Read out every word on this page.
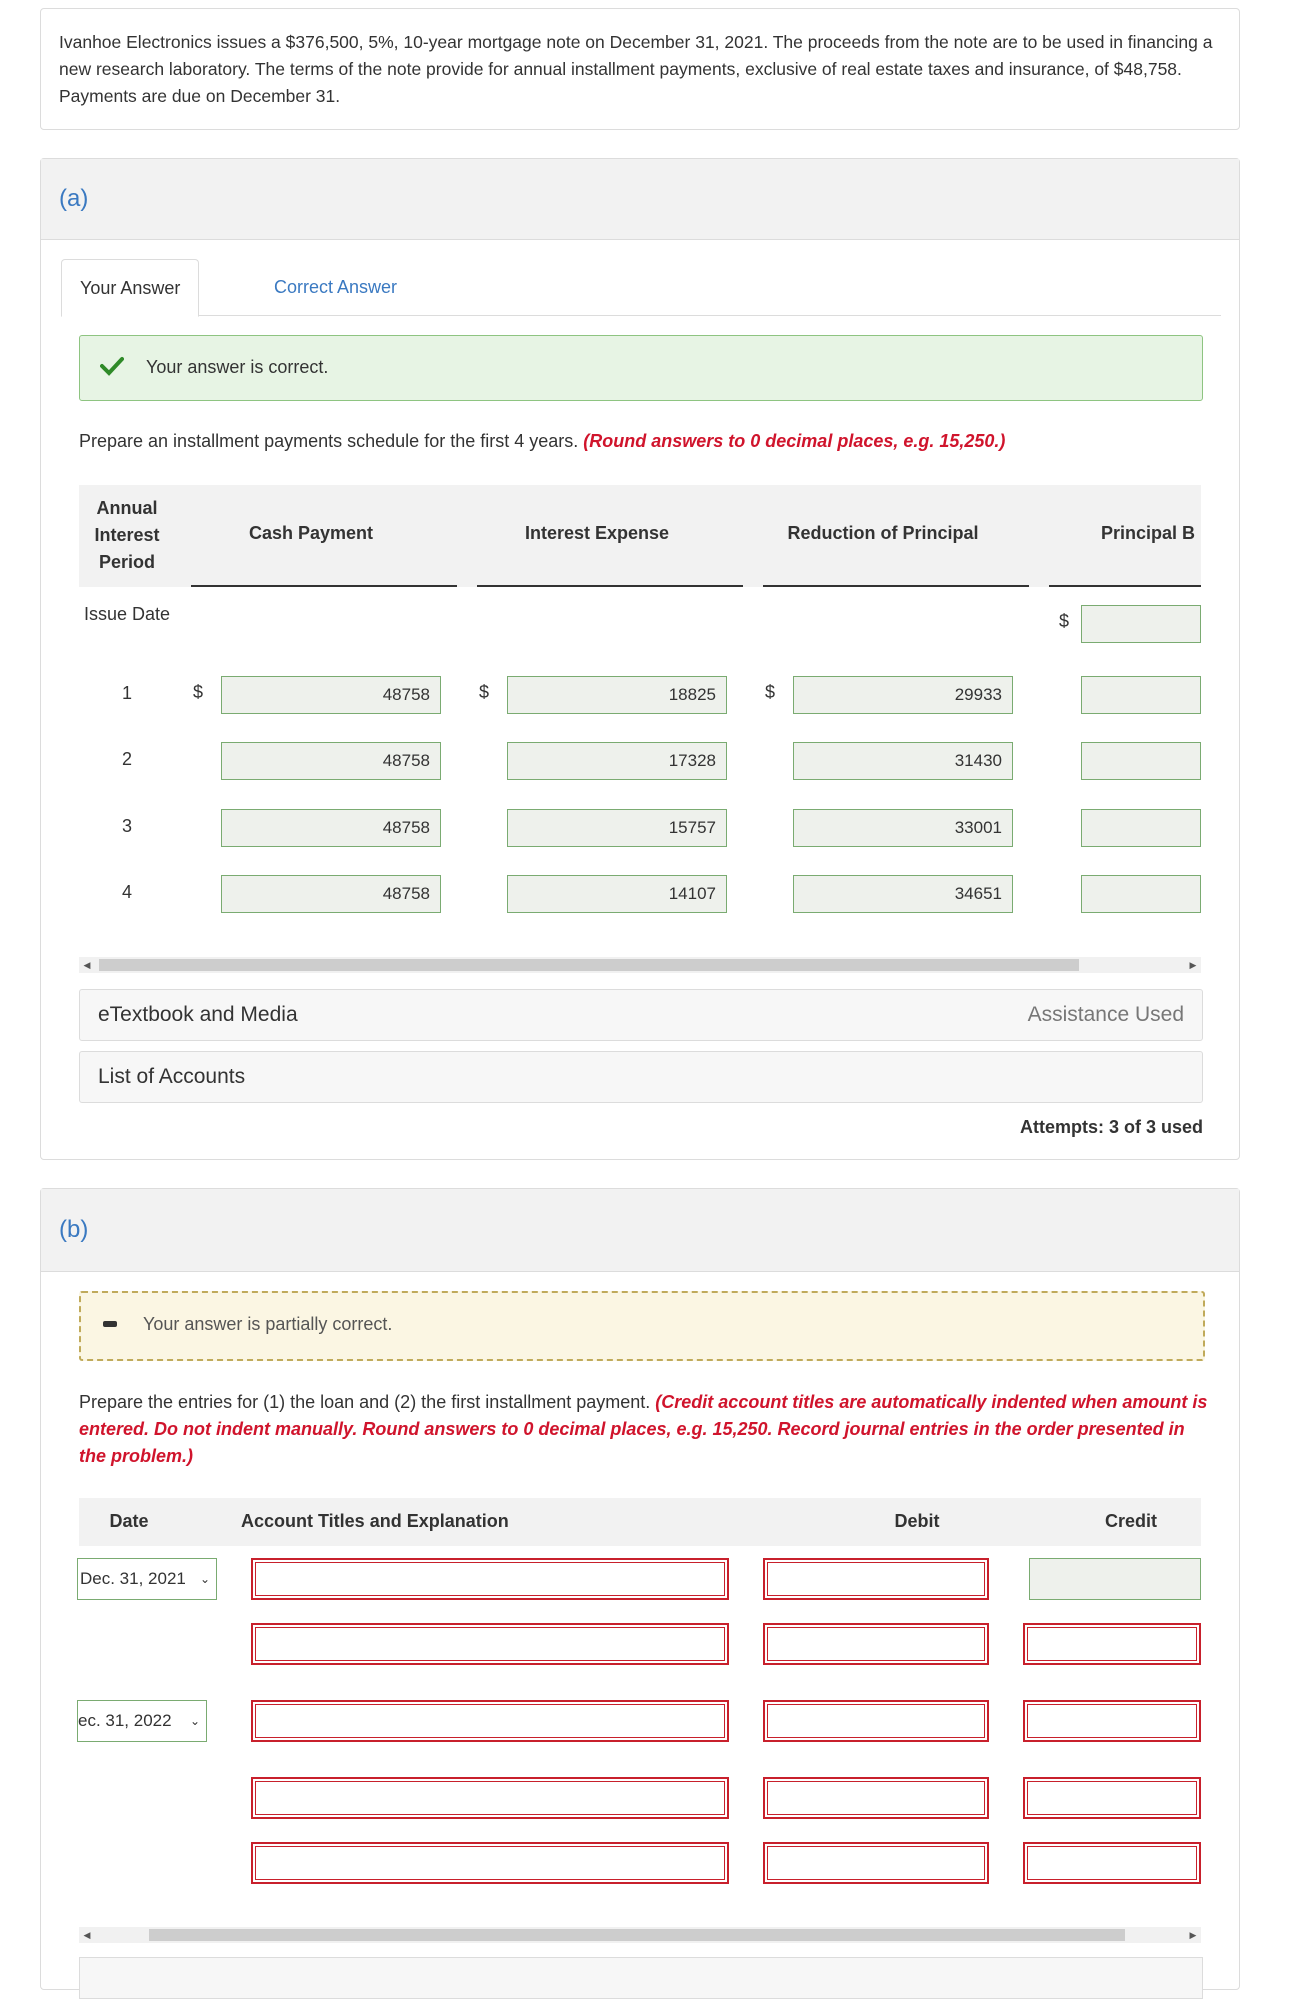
Ivanhoe Electronics issues a $376,500, 5%, 10-year mortgage note on December 31, 2021. The proceeds from the note are to be used in financing a new research laboratory. The terms of the note provide for annual installment payments, exclusive of real estate taxes and insurance, of $48,758. Payments are due on December 31.

(a)
Your Answer	Correct Answer
Your answer is correct.
Prepare an installment payments schedule for the first 4 years. (Round answers to 0 decimal places, e.g. 15,250.)
Annual Interest Period
Cash Payment	Interest Expense	Reduction of Principal	Principal B
Issue Date	$
1	$	48758	$	18825	$	29933
2	48758	17328	31430
3	48758	15757	33001
4	48758	14107	34651
◀	▶
eTextbook and Media	Assistance Used
List of Accounts
Attempts: 3 of 3 used
(b)
Your answer is partially correct.
Prepare the entries for (1) the loan and (2) the first installment payment. (Credit account titles are automatically indented when amount is entered. Do not indent manually. Round answers to 0 decimal places, e.g. 15,250. Record journal entries in the order presented in the problem.)
Date	Account Titles and Explanation	Debit	Credit
Dec. 31, 2021 ⌄
ec. 31, 2022 ⌄
◀	▶
